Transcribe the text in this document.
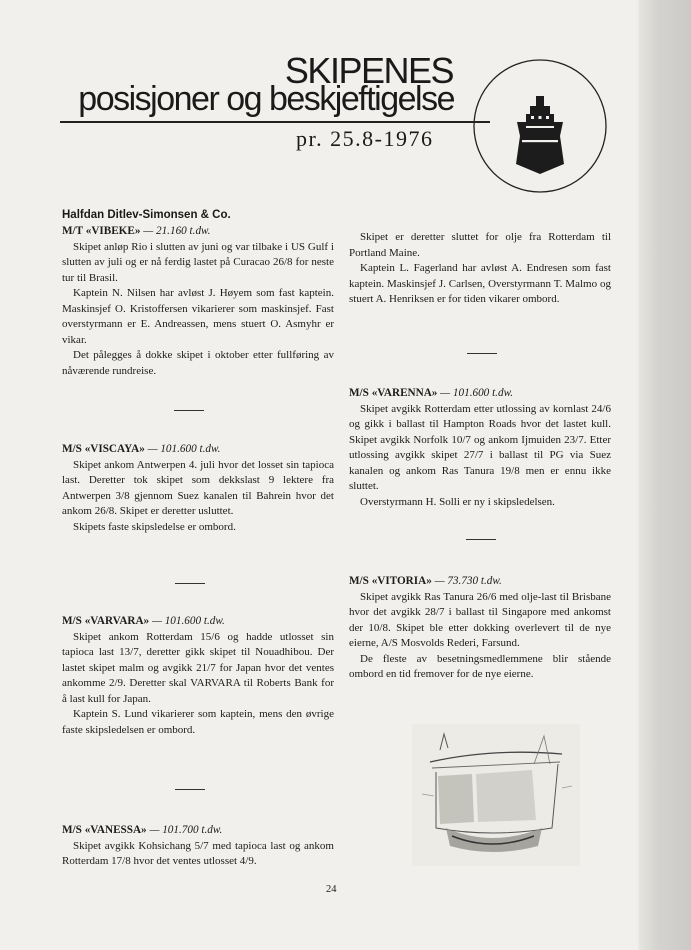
SKIPENES
posisjoner og beskjeftigelse
pr. 25.8-1976
Halfdan Ditlev-Simonsen & Co.
M/T «VIBEKE» — 21.160 t.dw.

Skipet anløp Rio i slutten av juni og var tilbake i US Gulf i slutten av juli og er nå ferdig lastet på Curacao 26/8 for neste tur til Brasil.

Kaptein N. Nilsen har avløst J. Høyem som fast kaptein. Maskinsjef O. Kristoffersen vikarierer som maskinsjef. Fast overstyrmann er E. Andreassen, mens stuert O. Asmyhr er vikar.

Det pålegges å dokke skipet i oktober etter fullføring av nåværende rundreise.

M/S «VISCAYA» — 101.600 t.dw.

Skipet ankom Antwerpen 4. juli hvor det losset sin tapioca last. Deretter tok skipet som dekkslast 9 lektere fra Antwerpen 3/8 gjennom Suez kanalen til Bahrein hvor det ankom 26/8. Skipet er deretter usluttet.

Skipets faste skipsledelse er ombord.

M/S «VARVARA» — 101.600 t.dw.

Skipet ankom Rotterdam 15/6 og hadde utlosset sin tapioca last 13/7, deretter gikk skipet til Nouadhibou. Der lastet skipet malm og avgikk 21/7 for Japan hvor det ventes ankomme 2/9. Deretter skal VARVARA til Roberts Bank for å last kull for Japan.

Kaptein S. Lund vikarierer som kaptein, mens den øvrige faste skipsledelsen er ombord.

M/S «VANESSA» — 101.700 t.dw.

Skipet avgikk Kohsichang 5/7 med tapioca last og ankom Rotterdam 17/8 hvor det ventes utlosset 4/9.

Skipet er deretter sluttet for olje fra Rotterdam til Portland Maine.

Kaptein L. Fagerland har avløst A. Endresen som fast kaptein. Maskinsjef J. Carlsen, Overstyrmann T. Malmo og stuert A. Henriksen er for tiden vikarer ombord.

M/S «VARENNA» — 101.600 t.dw.

Skipet avgikk Rotterdam etter utlossing av kornlast 24/6 og gikk i ballast til Hampton Roads hvor det lastet kull. Skipet avgikk Norfolk 10/7 og ankom Ijmuiden 23/7. Etter utlossing avgikk skipet 27/7 i ballast til PG via Suez kanalen og ankom Ras Tanura 19/8 men er ennu ikke sluttet.

Overstyrmann H. Solli er ny i skipsledelsen.

M/S «VITORIA» — 73.730 t.dw.

Skipet avgikk Ras Tanura 26/6 med olje-last til Brisbane hvor det avgikk 28/7 i ballast til Singapore med ankomst der 10/8. Skipet ble etter dokking overlevert til de nye eierne, A/S Mosvolds Rederi, Farsund.

De fleste av besetningsmedlemmene blir stående ombord en tid fremover for de nye eierne.

24
